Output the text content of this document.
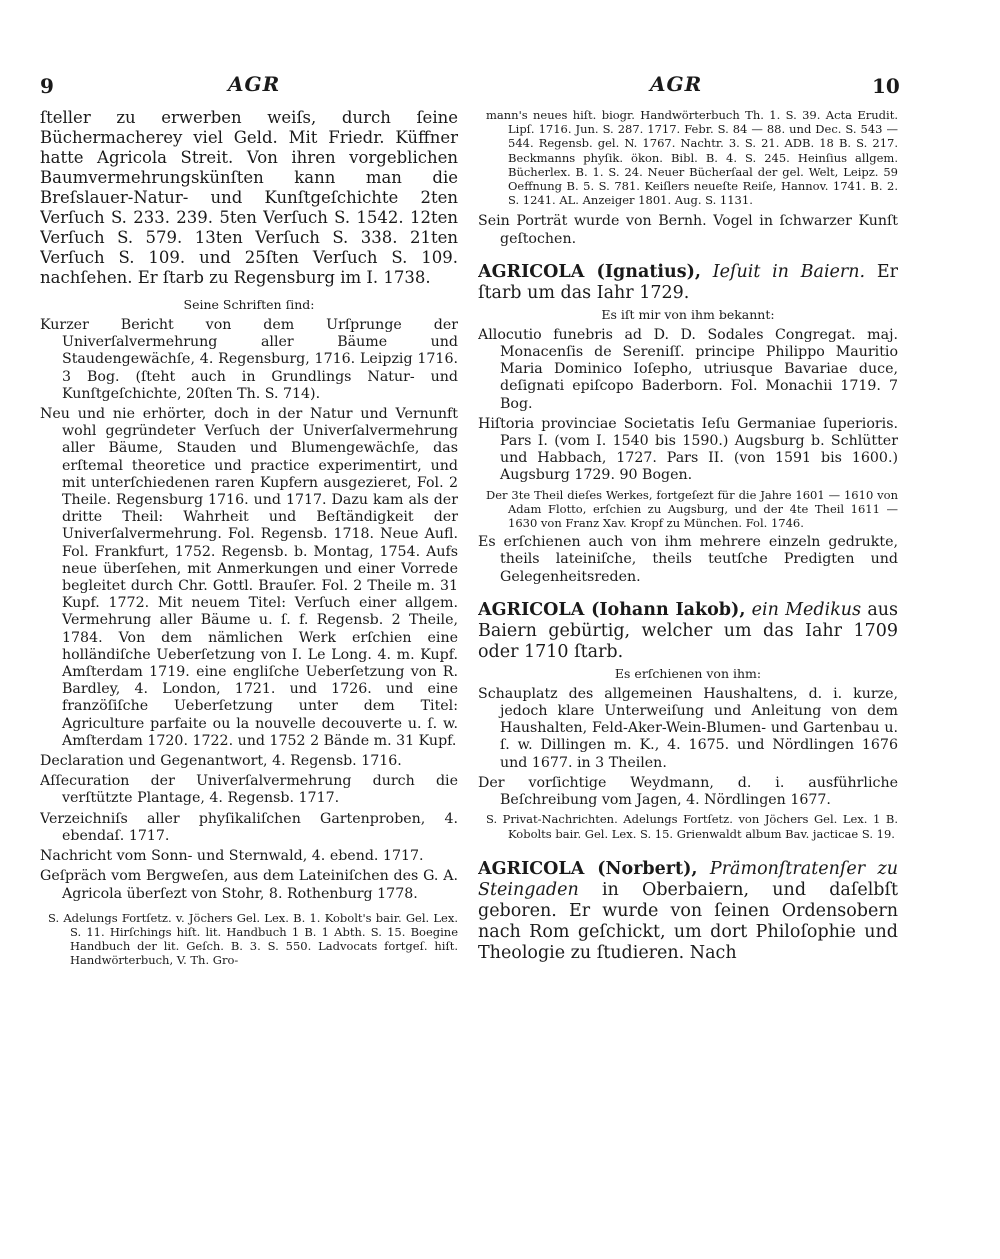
9	AGR	AGR	10

ſteller zu erwerben weiſs, durch ſeine Büchermacherey viel Geld. Mit Friedr. Küffner hatte Agricola Streit. Von ihren vorgeblichen Baumvermehrungskünſten kann man die Breſslauer-Natur- und Kunſtgeſchichte 2ten Verſuch S. 233. 239. 5ten Verſuch S. 1542. 12ten Verſuch S. 579. 13ten Verſuch S. 338. 21ten Verſuch S. 109. und 25ſten Verſuch S. 109. nachſehen. Er ſtarb zu Regensburg im I. 1738.

Seine Schriften ſind:

Kurzer Bericht von dem Urſprunge der Univerſalvermehrung aller Bäume und Staudengewächſe, 4. Regensburg, 1716. Leipzig 1716. 3 Bog. (ſteht auch in Grundlings Natur- und Kunſtgeſchichte, 20ſten Th. S. 714).

Neu und nie erhörter, doch in der Natur und Vernunft wohl gegründeter Verſuch der Univerſalvermehrung aller Bäume, Stauden und Blumengewächſe, das erſtemal theoretice und practice experimentirt, und mit unterſchiedenen raren Kupfern ausgezieret, Fol. 2 Theile. Regensburg 1716. und 1717. Dazu kam als der dritte Theil: Wahrheit und Beſtändigkeit der Univerſalvermehrung. Fol. Regensb. 1718. Neue Aufl. Fol. Frankfurt, 1752. Regensb. b. Montag, 1754. Aufs neue überſehen, mit Anmerkungen und einer Vorrede begleitet durch Chr. Gottl. Brauſer. Fol. 2 Theile m. 31 Kupf. 1772. Mit neuem Titel: Verſuch einer allgem. Vermehrung aller Bäume u. ſ. f. Regensb. 2 Theile, 1784. Von dem nämlichen Werk erſchien eine holländiſche Ueberſetzung von I. Le Long. 4. m. Kupf. Amſterdam 1719. eine engliſche Ueberſetzung von R. Bardley, 4. London, 1721. und 1726. und eine franzöſiſche Ueberſetzung unter dem Titel: Agriculture parfaite ou la nouvelle decouverte u. ſ. w. Amſterdam 1720. 1722. und 1752 2 Bände m. 31 Kupf.

Declaration und Gegenantwort, 4. Regensb. 1716.

Aſſecuration der Univerſalvermehrung durch die verſtützte Plantage, 4. Regensb. 1717.

Verzeichniſs aller phyſikaliſchen Gartenproben, 4. ebendaſ. 1717.

Nachricht vom Sonn- und Sternwald, 4. ebend. 1717.

Geſpräch vom Bergweſen, aus dem Lateiniſchen des G. A. Agricola überſezt von Stohr, 8. Rothenburg 1778.

S. Adelungs Fortſetz. v. Jöchers Gel. Lex. B. 1. Kobolt's bair. Gel. Lex. S. 11. Hirſchings hiſt. lit. Handbuch 1 B. 1 Abth. S. 15. Boegine Handbuch der lit. Geſch. B. 3. S. 550. Ladvocats fortgeſ. hiſt. Handwörterbuch, V. Th. Gro-

mann's neues hiſt. biogr. Handwörterbuch Th. 1. S. 39. Acta Erudit. Lipſ. 1716. Jun. S. 287. 1717. Febr. S. 84 — 88. und Dec. S. 543 — 544. Regensb. gel. N. 1767. Nachtr. 3. S. 21. ADB. 18 B. S. 217. Beckmanns phyſik. ökon. Bibl. B. 4. S. 245. Heinſius allgem. Bücherlex. B. 1. S. 24. Neuer Bücherſaal der gel. Welt, Leipz. 59 Oeffnung B. 5. S. 781. Keiſlers neueſte Reiſe, Hannov. 1741. B. 2. S. 1241. AL. Anzeiger 1801. Aug. S. 1131.

Sein Porträt wurde von Bernh. Vogel in ſchwarzer Kunſt geſtochen.

AGRICOLA (Ignatius), Ieſuit in Baiern. Er ſtarb um das Iahr 1729.

Es iſt mir von ihm bekannt:

Allocutio funebris ad D. D. Sodales Congregat. maj. Monacenſis de Sereniſſ. principe Philippo Mauritio Maria Dominico Ioſepho, utriusque Bavariae duce, deſignati epiſcopo Baderborn. Fol. Monachii 1719. 7 Bog.

Hiſtoria provinciae Societatis Ieſu Germaniae ſuperioris. Pars I. (vom I. 1540 bis 1590.) Augsburg b. Schlütter und Habbach, 1727. Pars II. (von 1591 bis 1600.) Augsburg 1729. 90 Bogen.

Der 3te Theil dieſes Werkes, fortgeſezt für die Jahre 1601 — 1610 von Adam Flotto, erſchien zu Augsburg, und der 4te Theil 1611 — 1630 von Franz Xav. Kropf zu München. Fol. 1746.

Es erſchienen auch von ihm mehrere einzeln gedrukte, theils lateiniſche, theils teutſche Predigten und Gelegenheitsreden.

AGRICOLA (Iohann Iakob), ein Medikus aus Baiern gebürtig, welcher um das Iahr 1709 oder 1710 ſtarb.

Es erſchienen von ihm:

Schauplatz des allgemeinen Haushaltens, d. i. kurze, jedoch klare Unterweiſung und Anleitung von dem Haushalten, Feld-Aker-Wein-Blumen- und Gartenbau u. ſ. w. Dillingen m. K., 4. 1675. und Nördlingen 1676 und 1677. in 3 Theilen.

Der vorſichtige Weydmann, d. i. ausführliche Beſchreibung vom Jagen, 4. Nördlingen 1677.

S. Privat-Nachrichten. Adelungs Fortſetz. von Jöchers Gel. Lex. 1 B. Kobolts bair. Gel. Lex. S. 15. Grienwaldt album Bav. jacticae S. 19.

AGRICOLA (Norbert), Prämonſtratenſer zu Steingaden in Oberbaiern, und daſelbſt geboren. Er wurde von ſeinen Ordensobern nach Rom geſchickt, um dort Philoſophie und Theologie zu ſtudieren. Nach
